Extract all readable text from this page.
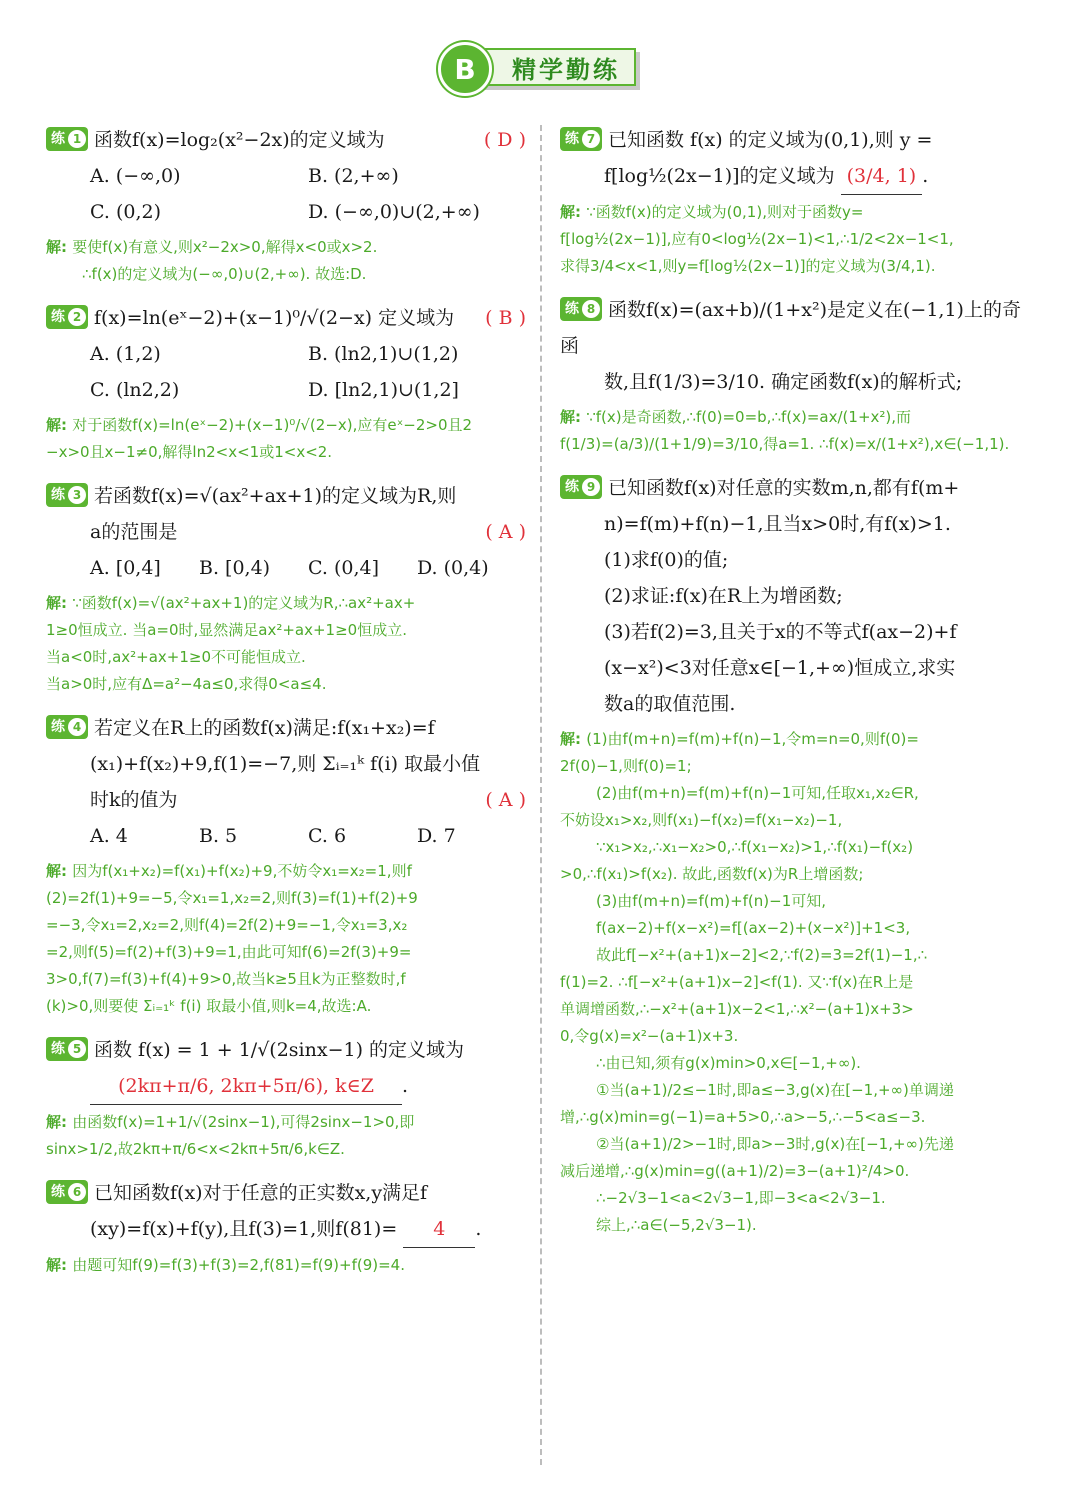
B	精学勤练
练 1 函数f(x)=log₂(x²−2x)的定义域为	( D )
A. (−∞,0)	B. (2,+∞)
C. (0,2)	D. (−∞,0)∪(2,+∞)
解: 要使f(x)有意义,则x²−2x>0,解得x<0或x>2.
∴f(x)的定义域为(−∞,0)∪(2,+∞). 故选:D.
练 2 f(x)=ln(eˣ−2)+(x−1)⁰/√(2−x) 定义域为 ( B )
A. (1,2)	B. (ln2,1)∪(1,2)
C. (ln2,2)	D. [ln2,1)∪(1,2]
解: 对于函数f(x)=ln(eˣ−2)+(x−1)⁰/√(2−x),应有eˣ−2>0且2
−x>0且x−1≠0,解得ln2<x<1或1<x<2.
练 3 若函数f(x)=√(ax²+ax+1)的定义域为R,则
a的范围是	( A )
A. [0,4]	B. [0,4)	C. (0,4]	D. (0,4)
解: ∵函数f(x)=√(ax²+ax+1)的定义域为R,∴ax²+ax+
1≥0恒成立. 当a=0时,显然满足ax²+ax+1≥0恒成立.
当a<0时,ax²+ax+1≥0不可能恒成立.
当a>0时,应有Δ=a²−4a≤0,求得0<a≤4.
练 4 若定义在R上的函数f(x)满足:f(x₁+x₂)=f
(x₁)+f(x₂)+9,f(1)=−7,则 Σᵢ₌₁ᵏ f(i) 取最小值
时k的值为	( A )
A. 4	B. 5	C. 6	D. 7
解: 因为f(x₁+x₂)=f(x₁)+f(x₂)+9,不妨令x₁=x₂=1,则f
(2)=2f(1)+9=−5,令x₁=1,x₂=2,则f(3)=f(1)+f(2)+9
=−3,令x₁=2,x₂=2,则f(4)=2f(2)+9=−1,令x₁=3,x₂
=2,则f(5)=f(2)+f(3)+9=1,由此可知f(6)=2f(3)+9=
3>0,f(7)=f(3)+f(4)+9>0,故当k≥5且k为正整数时,f
(k)>0,则要使 Σᵢ₌₁ᵏ f(i) 取最小值,则k=4,故选:A.
练 5 函数 f(x) = 1 + 1/√(2sinx−1) 的定义域为
(2kπ+π/6, 2kπ+5π/6), k∈Z .
解: 由函数f(x)=1+1/√(2sinx−1),可得2sinx−1>0,即
sinx>1/2,故2kπ+π/6<x<2kπ+5π/6,k∈Z.
练 6 已知函数f(x)对于任意的正实数x,y满足f
(xy)=f(x)+f(y),且f(3)=1,则f(81)= 4 .
解: 由题可知f(9)=f(3)+f(3)=2,f(81)=f(9)+f(9)=4.
练 7 已知函数 f(x) 的定义域为(0,1),则 y =
f[log½(2x−1)]的定义域为 (3/4, 1) .
解: ∵函数f(x)的定义域为(0,1),则对于函数y=
f[log½(2x−1)],应有0<log½(2x−1)<1,∴1/2<2x−1<1,
求得3/4<x<1,则y=f[log½(2x−1)]的定义域为(3/4,1).
练 8 函数f(x)=(ax+b)/(1+x²)是定义在(−1,1)上的奇函
数,且f(1/3)=3/10. 确定函数f(x)的解析式;
解: ∵f(x)是奇函数,∴f(0)=0=b,∴f(x)=ax/(1+x²),而
f(1/3)=(a/3)/(1+1/9)=3/10,得a=1. ∴f(x)=x/(1+x²),x∈(−1,1).
练 9 已知函数f(x)对任意的实数m,n,都有f(m+
n)=f(m)+f(n)−1,且当x>0时,有f(x)>1.
(1)求f(0)的值;
(2)求证:f(x)在R上为增函数;
(3)若f(2)=3,且关于x的不等式f(ax−2)+f
(x−x²)<3对任意x∈[−1,+∞)恒成立,求实
数a的取值范围.
解: (1)由f(m+n)=f(m)+f(n)−1,令m=n=0,则f(0)=
2f(0)−1,则f(0)=1;
(2)由f(m+n)=f(m)+f(n)−1可知,任取x₁,x₂∈R,
不妨设x₁>x₂,则f(x₁)−f(x₂)=f(x₁−x₂)−1,
∵x₁>x₂,∴x₁−x₂>0,∴f(x₁−x₂)>1,∴f(x₁)−f(x₂)
>0,∴f(x₁)>f(x₂). 故此,函数f(x)为R上增函数;
(3)由f(m+n)=f(m)+f(n)−1可知,
f(ax−2)+f(x−x²)=f[(ax−2)+(x−x²)]+1<3,
故此f[−x²+(a+1)x−2]<2,∵f(2)=3=2f(1)−1,∴
f(1)=2. ∴f[−x²+(a+1)x−2]<f(1). 又∵f(x)在R上是
单调增函数,∴−x²+(a+1)x−2<1,∴x²−(a+1)x+3>
0,令g(x)=x²−(a+1)x+3.
∴由已知,须有g(x)min>0,x∈[−1,+∞).
①当(a+1)/2≤−1时,即a≤−3,g(x)在[−1,+∞)单调递
增,∴g(x)min=g(−1)=a+5>0,∴a>−5,∴−5<a≤−3.
②当(a+1)/2>−1时,即a>−3时,g(x)在[−1,+∞)先递
减后递增,∴g(x)min=g((a+1)/2)=3−(a+1)²/4>0.
∴−2√3−1<a<2√3−1,即−3<a<2√3−1.
综上,∴a∈(−5,2√3−1).
